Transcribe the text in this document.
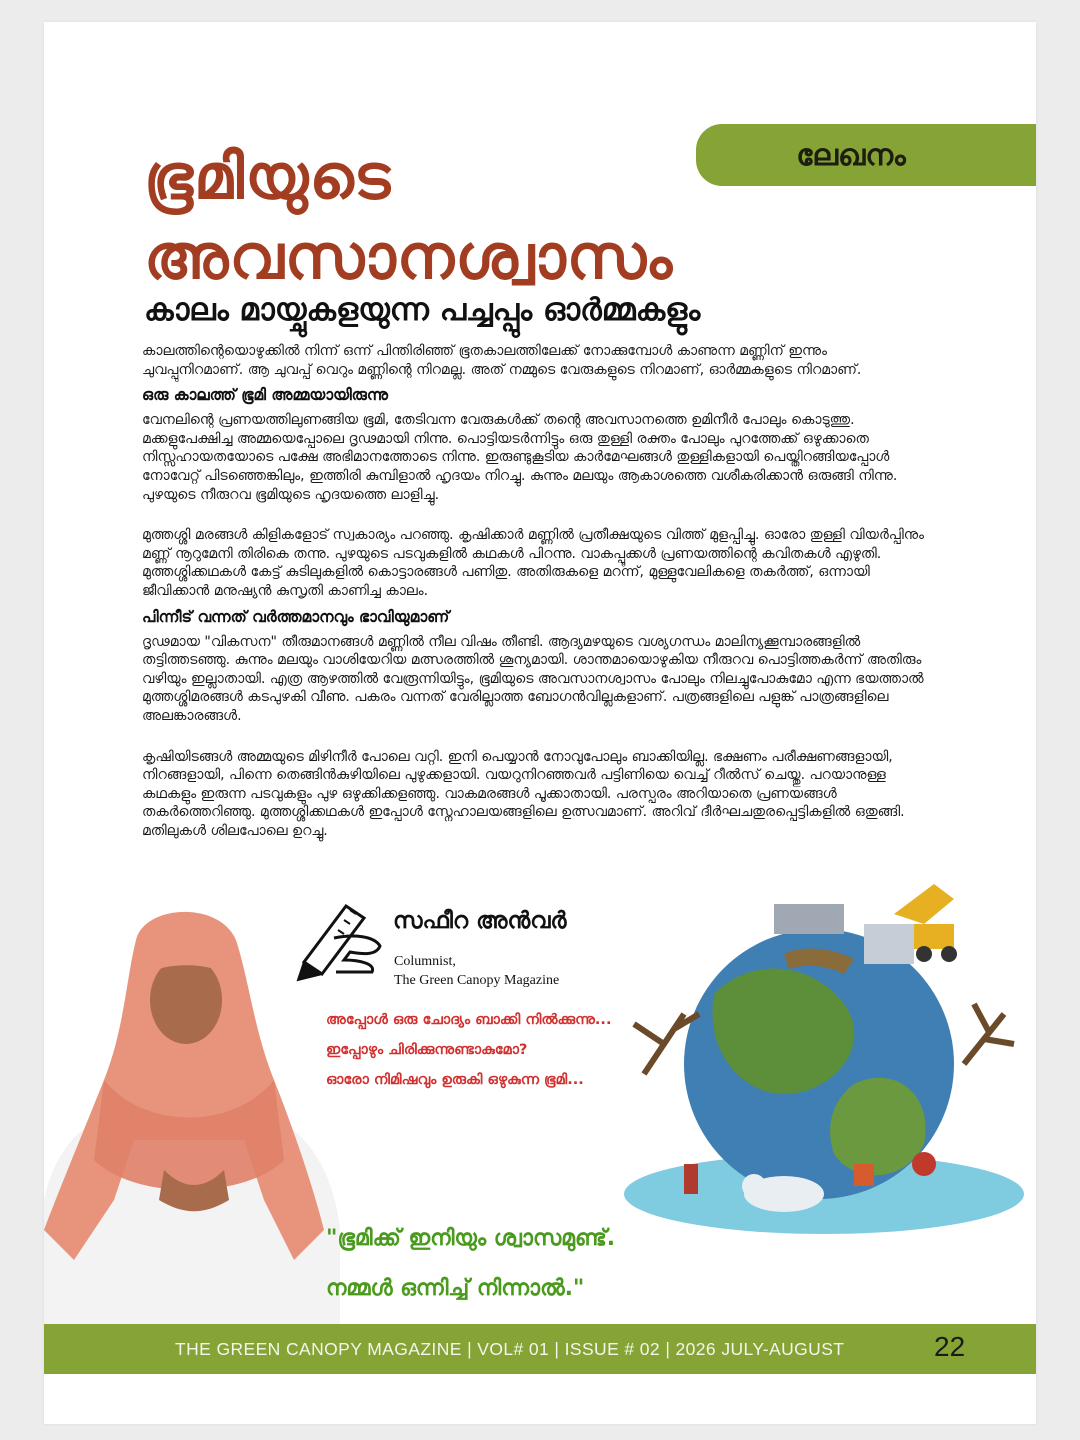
ലേഖനം
ഭൂമിയുടെ
അവസാനശ്വാസം
കാലം മായ്ചുകളയുന്ന പച്ചപ്പും ഓർമ്മകളും

കാലത്തിന്റെയൊഴുക്കിൽ നിന്ന് ഒന്ന് പിന്തിരിഞ്ഞ് ഭൂതകാലത്തിലേക്ക് നോക്കുമ്പോൾ കാണുന്ന മണ്ണിന് ഇന്നും ചുവപ്പുനിറമാണ്. ആ ചുവപ്പ് വെറും മണ്ണിന്റെ നിറമല്ല. അത് നമ്മുടെ വേരുകളുടെ നിറമാണ്, ഓർമ്മകളുടെ നിറമാണ്.

ഒരു കാലത്ത് ഭൂമി അമ്മയായിരുന്നു

വേനലിന്റെ പ്രണയത്തിലുണങ്ങിയ ഭൂമി, തേടിവന്ന വേരുകൾക്ക് തന്റെ അവസാനത്തെ ഉമിനീർ പോലും കൊടുത്തു. മക്കളുപേക്ഷിച്ച അമ്മയെപ്പോലെ ദൃഢമായി നിന്നു. പൊട്ടിയടർന്നിട്ടും ഒരു തുള്ളി രക്തം പോലും പുറത്തേക്ക് ഒഴുക്കാതെ നിസ്സഹായതയോടെ പക്ഷേ അഭിമാനത്തോടെ നിന്നു. ഇരുണ്ടുകൂടിയ കാർമേഘങ്ങൾ തുള്ളികളായി പെയ്തിറങ്ങിയപ്പോൾ നോവേറ്റ് പിടഞ്ഞെങ്കിലും, ഇത്തിരി കുമ്പിളാൽ ഹൃദയം നിറച്ചു. കുന്നും മലയും ആകാശത്തെ വശീകരിക്കാൻ ഒരുങ്ങി നിന്നു. പുഴയുടെ നീരുറവ ഭൂമിയുടെ ഹൃദയത്തെ ലാളിച്ചു.

മുത്തശ്ശി മരങ്ങൾ കിളികളോട് സ്വകാര്യം പറഞ്ഞു. കൃഷിക്കാർ മണ്ണിൽ പ്രതീക്ഷയുടെ വിത്ത് മുളപ്പിച്ചു. ഓരോ തുള്ളി വിയർപ്പിനും മണ്ണ് നൂറുമേനി തിരികെ തന്നു. പുഴയുടെ പടവുകളിൽ കഥകൾ പിറന്നു. വാകപ്പൂക്കൾ പ്രണയത്തിന്റെ കവിതകൾ എഴുതി. മുത്തശ്ശിക്കഥകൾ കേട്ട് കുടിലുകളിൽ കൊട്ടാരങ്ങൾ പണിതു. അതിരുകളെ മറന്ന്, മുള്ളുവേലികളെ തകർത്ത്, ഒന്നായി ജീവിക്കാൻ മനുഷ്യൻ കുസൃതി കാണിച്ച കാലം.

പിന്നീട് വന്നത് വർത്തമാനവും ഭാവിയുമാണ്

ദൃഢമായ "വികസന" തീരുമാനങ്ങൾ മണ്ണിൽ നീല വിഷം തീണ്ടി. ആദ്യമഴയുടെ വശ്യഗന്ധം മാലിന്യക്കൂമ്പാരങ്ങളിൽ തട്ടിത്തടഞ്ഞു. കുന്നും മലയും വാശിയേറിയ മത്സരത്തിൽ ശൂന്യമായി. ശാന്തമായൊഴുകിയ നീരുറവ പൊട്ടിത്തകർന്ന് അതിരും വഴിയും ഇല്ലാതായി. എത്ര ആഴത്തിൽ വേരൂന്നിയിട്ടും, ഭൂമിയുടെ അവസാനശ്വാസം പോലും നിലച്ചുപോകുമോ എന്ന ഭയത്താൽ മുത്തശ്ശിമരങ്ങൾ കടപുഴകി വീണു. പകരം വന്നത് വേരില്ലാത്ത ബോഗൻവില്ലകളാണ്. പത്രങ്ങളിലെ പളുങ്ക് പാത്രങ്ങളിലെ അലങ്കാരങ്ങൾ.

കൃഷിയിടങ്ങൾ അമ്മയുടെ മിഴിനീർ പോലെ വറ്റി. ഇനി പെയ്യാൻ നോവുപോലും ബാക്കിയില്ല. ഭക്ഷണം പരീക്ഷണങ്ങളായി, നിറങ്ങളായി, പിന്നെ തെങ്ങിൻകുഴിയിലെ പുഴുക്കളായി. വയറുനിറഞ്ഞവർ പട്ടിണിയെ വെച്ച് റീൽസ് ചെയ്തു. പറയാനുള്ള കഥകളും ഇരുന്ന പടവുകളും പുഴ ഒഴുക്കിക്കളഞ്ഞു. വാകമരങ്ങൾ പൂക്കാതായി. പരസ്പരം അറിയാതെ പ്രണയങ്ങൾ തകർത്തെറിഞ്ഞു. മുത്തശ്ശിക്കഥകൾ ഇപ്പോൾ സ്നേഹാലയങ്ങളിലെ ഉത്സവമാണ്. അറിവ് ദീർഘചതുരപ്പെട്ടികളിൽ ഒതുങ്ങി. മതിലുകൾ ശിലപോലെ ഉറച്ചു.

സഫീറ അൻവർ
Columnist,
The Green Canopy Magazine
അപ്പോൾ ഒരു ചോദ്യം ബാക്കി നിൽക്കുന്നു...
ഇപ്പോഴും ചിരിക്കുന്നുണ്ടാകുമോ?
ഓരോ നിമിഷവും ഉരുകി ഒഴുകുന്ന ഭൂമി...
"ഭൂമിക്ക് ഇനിയും ശ്വാസമുണ്ട്.
നമ്മൾ ഒന്നിച്ച് നിന്നാൽ."
THE GREEN CANOPY MAGAZINE | VOL# 01 | ISSUE # 02 | 2026 JULY-AUGUST	22
